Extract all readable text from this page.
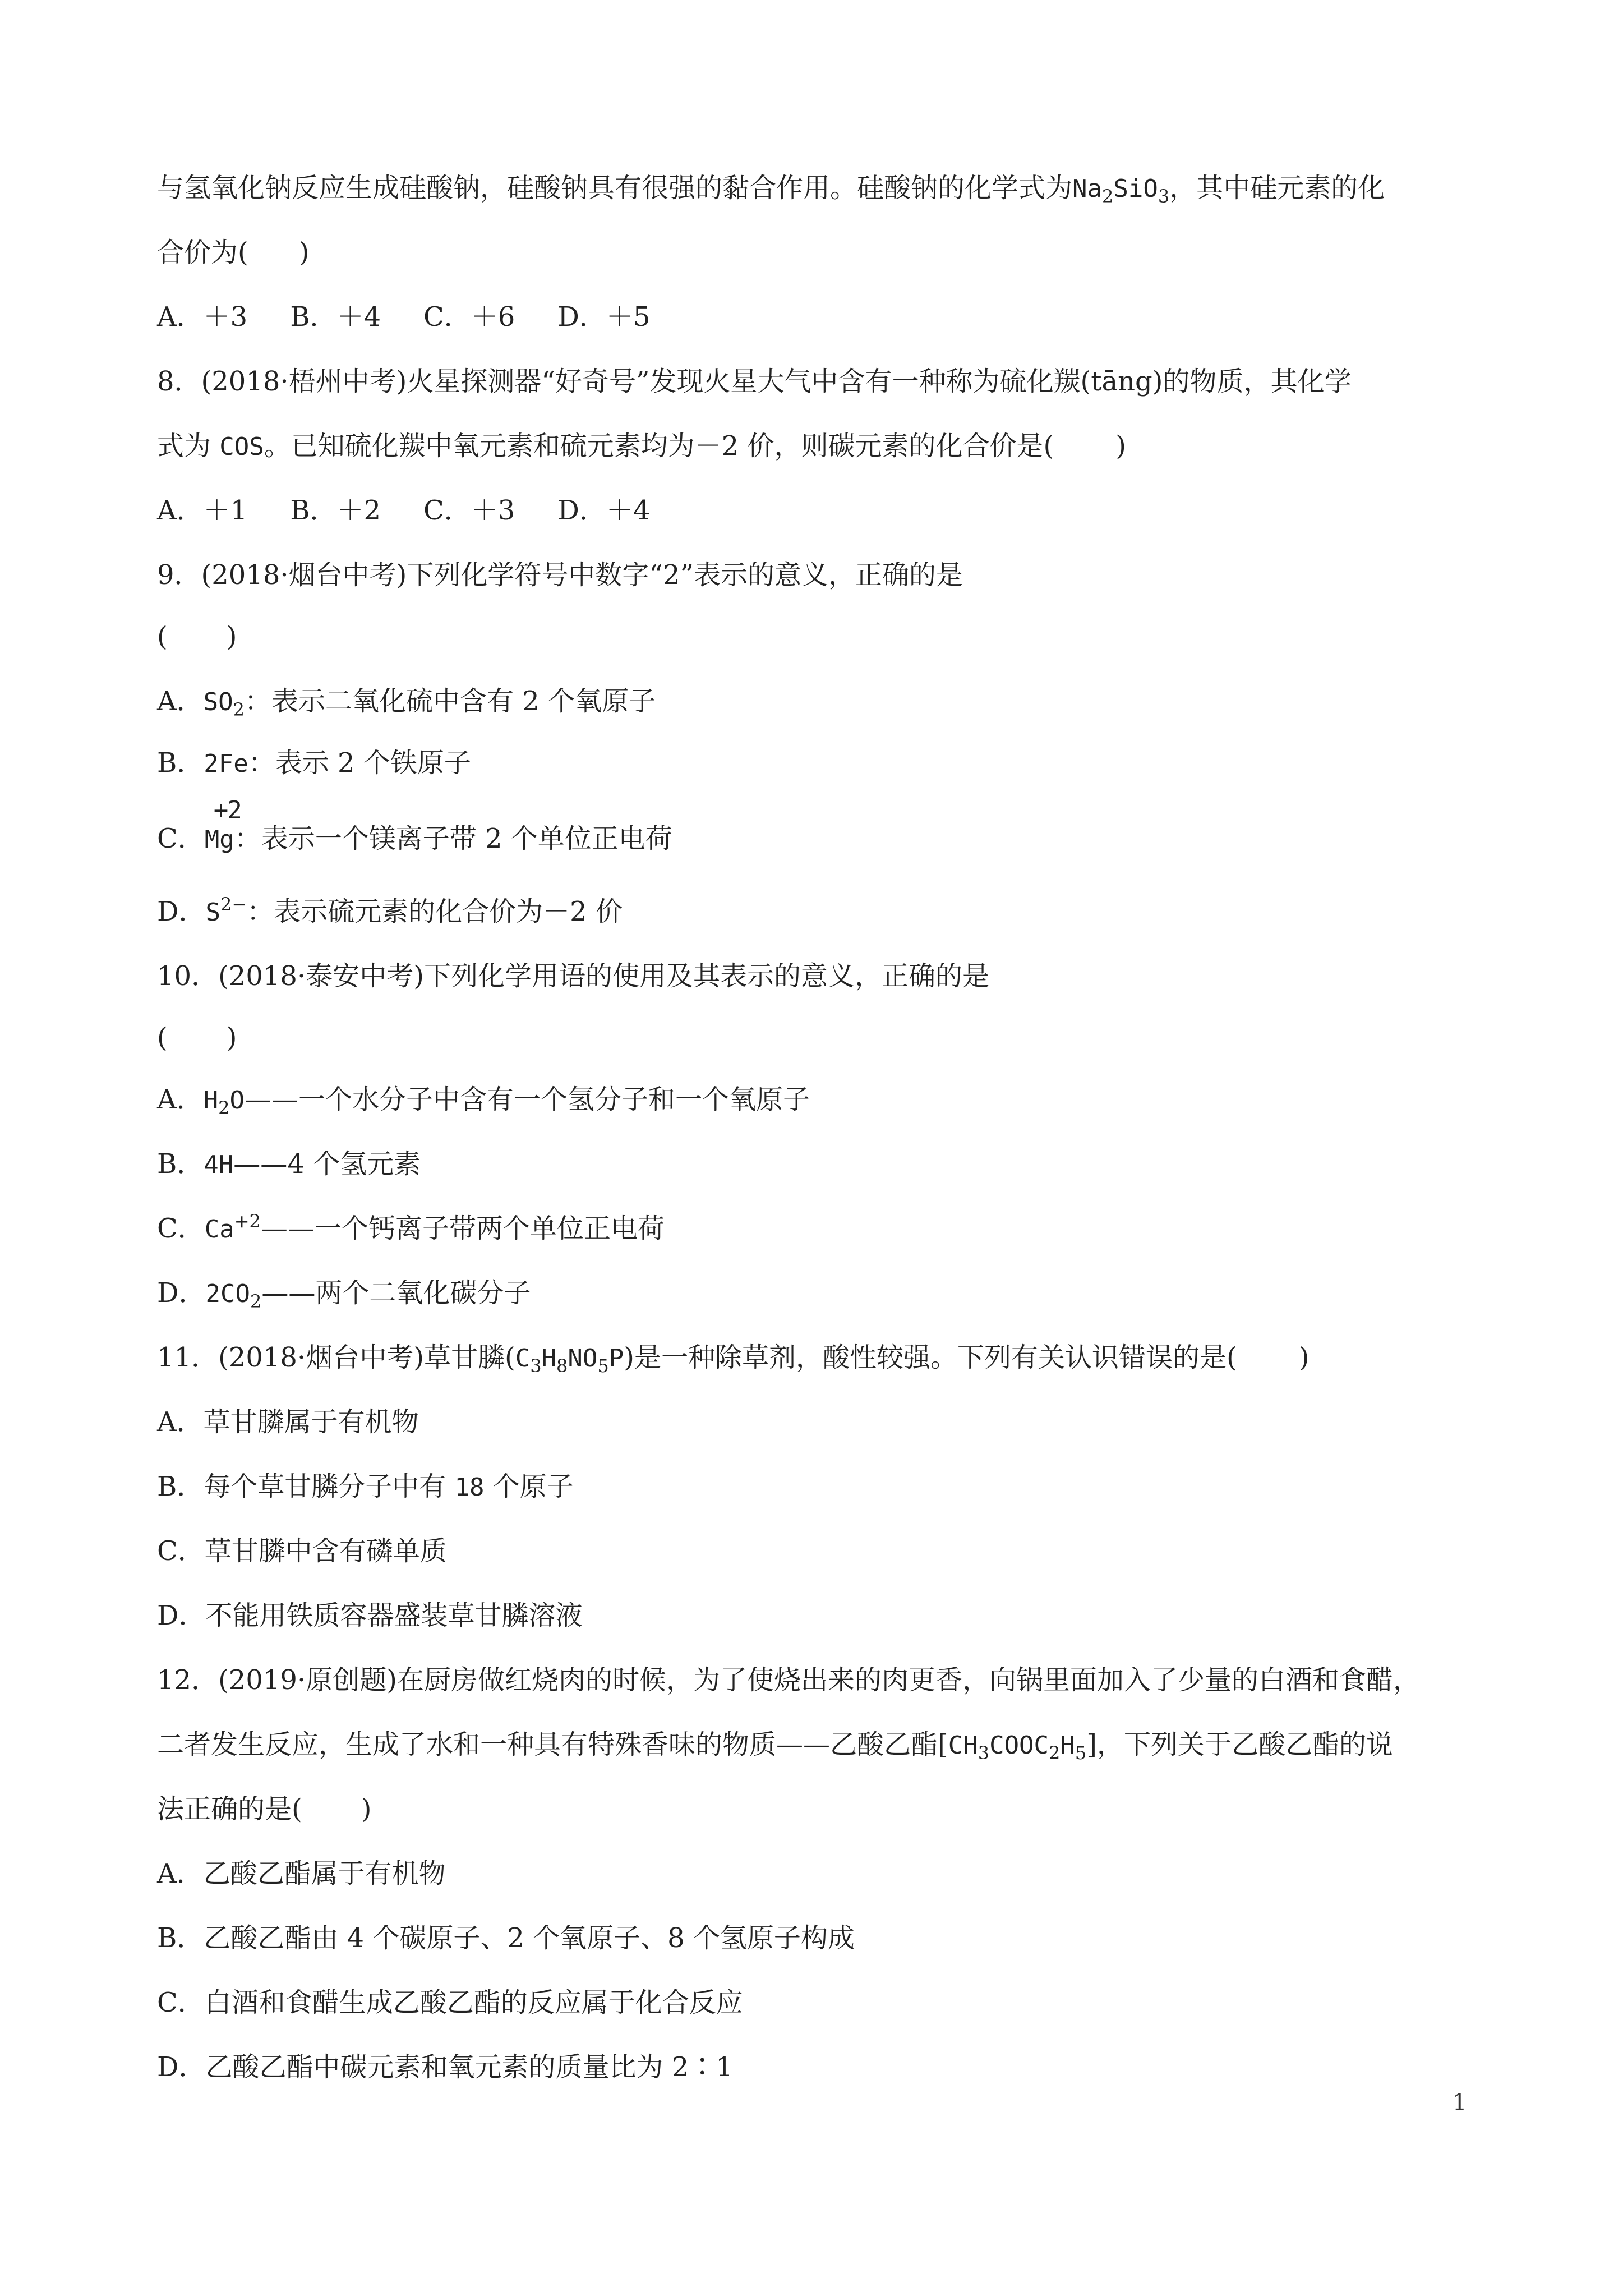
与氢氧化钠反应生成硅酸钠，硅酸钠具有很强的黏合作用。硅酸钠的化学式为$Na_2SiO_3$，其中硅元素的化
合价为( )
A．＋3 B．＋4 C．＋6 D．＋5
8．(2018·梧州中考)火星探测器“好奇号”发现火星大气中含有一种称为硫化羰(tāng)的物质，其化学
式为 COS。已知硫化羰中氧元素和硫元素均为－2 价，则碳元素的化合价是( )
A．＋1 B．＋2 C．＋3 D．＋4
9．(2018·烟台中考)下列化学符号中数字“2”表示的意义，正确的是
( )
A．$SO_2$：表示二氧化硫中含有 2 个氧原子
B．2Fe：表示 2 个铁原子
C．Mg
+2
：表示一个镁离子带 2 个单位正电荷
D．$S^{2-}$：表示硫元素的化合价为－2 价
10．(2018·泰安中考)下列化学用语的使用及其表示的意义，正确的是
( )
A．$H_2O——$一个水分子中含有一个氢分子和一个氧原子
B．4H——4 个氢元素
C．$Ca^{+2}——$一个钙离子带两个单位正电荷
D．$2CO_2——$两个二氧化碳分子
11．(2018·烟台中考)草甘膦$(C_3H_8NO_5P)$是一种除草剂，酸性较强。下列有关认识错误的是( )
A．草甘膦属于有机物
B．每个草甘膦分子中有 18 个原子
C．草甘膦中含有磷单质
D．不能用铁质容器盛装草甘膦溶液
12．(2019·原创题)在厨房做红烧肉的时候，为了使烧出来的肉更香，向锅里面加入了少量的白酒和食醋，
二者发生反应，生成了水和一种具有特殊香味的物质——乙酸乙酯$[CH_3COOC_2H_5]$，下列关于乙酸乙酯的说
法正确的是( )
A．乙酸乙酯属于有机物
B．乙酸乙酯由 4 个碳原子、2 个氧原子、8 个氢原子构成
C．白酒和食醋生成乙酸乙酯的反应属于化合反应
D．乙酸乙酯中碳元素和氧元素的质量比为 2∶1
1
